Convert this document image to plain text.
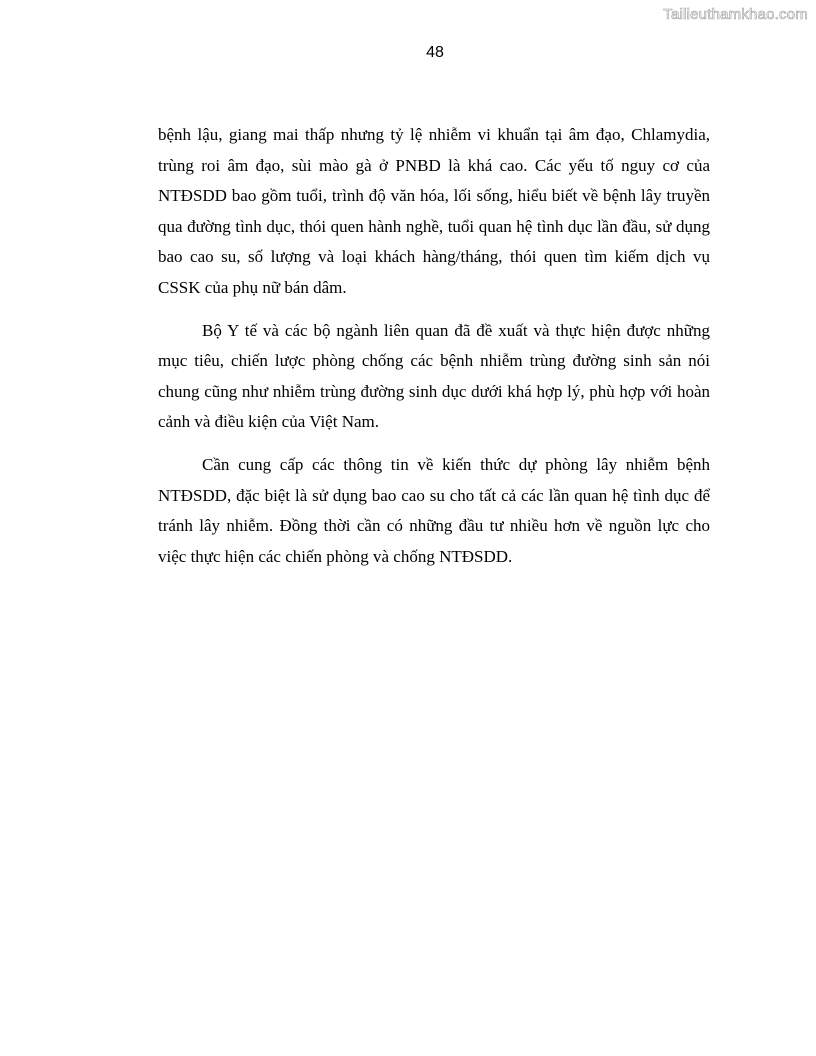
Tailieuthamkhao.com
48

bệnh lậu, giang mai thấp nhưng tỷ lệ nhiễm vi khuẩn tại âm đạo, Chlamydia, trùng roi âm đạo, sùi mào gà ở PNBD là khá cao. Các yếu tố nguy cơ của NTĐSDD bao gồm tuổi, trình độ văn hóa, lối sống, hiểu biết về bệnh lây truyền qua đường tình dục, thói quen hành nghề, tuổi quan hệ tình dục lần đầu, sử dụng bao cao su, số lượng và loại khách hàng/tháng, thói quen tìm kiếm dịch vụ CSSK của phụ nữ bán dâm.

Bộ Y tế và các bộ ngành liên quan đã đề xuất và thực hiện được những mục tiêu, chiến lược phòng chống các bệnh nhiễm trùng đường sinh sản nói chung cũng như nhiễm trùng đường sinh dục dưới khá hợp lý, phù hợp với hoàn cảnh và điều kiện của Việt Nam.

Cần cung cấp các thông tin về kiến thức dự phòng lây nhiễm bệnh NTĐSDD, đặc biệt là sử dụng bao cao su cho tất cả các lần quan hệ tình dục để tránh lây nhiễm. Đồng thời cần có những đầu tư nhiều hơn về nguồn lực cho việc thực hiện các chiến phòng và chống NTĐSDD.
